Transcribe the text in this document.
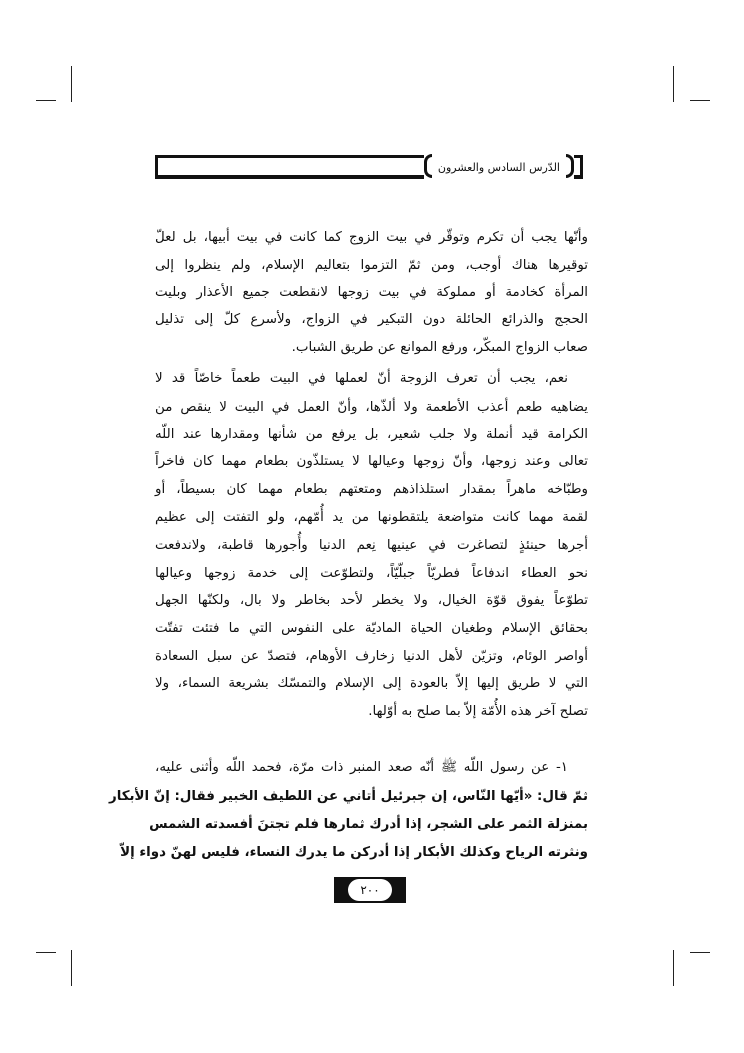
الدّرس السادس والعشرون
وأنّها يجب أن تكرم وتوقّر في بيت الزوج كما كانت في بيت أبيها، بل لعلّ
توقيرها هناك أوجب، ومن ثمّ التزموا بتعاليم الإسلام، ولم ينظروا إلى
المرأة كخادمة أو مملوكة في بيت زوجها لانقطعت جميع الأعذار وبليت
الحجج والذرائع الحائلة دون التبكير في الزواج، ولأسرع كلّ إلى تذليل
صعاب الزواج المبكّر، ورفع الموانع عن طريق الشباب.
نعم، يجب أن تعرف الزوجة أنّ لعملها في البيت طعماً خاصّاً قد لا
يضاهيه طعم أعذب الأطعمة ولا ألذّها، وأنّ العمل في البيت لا ينقص من
الكرامة قيد أنملة ولا جلب شعير، بل يرفع من شأنها ومقدارها عند اللّه
تعالى وعند زوجها، وأنّ زوجها وعيالها لا يستلذّون بطعام مهما كان فاخراً
وطبّاخه ماهراً بمقدار استلذاذهم ومتعتهم بطعام مهما كان بسيطاً، أو
لقمة مهما كانت متواضعة يلتقطونها من يد أُمّهم، ولو التفتت إلى عظيم
أجرها حينئذٍ لتصاغرت في عينيها نِعم الدنيا وأُجورها قاطبة، ولاندفعت
نحو العطاء اندفاعاً فطريّاً جبلّيّاً، ولتطوّعت إلى خدمة زوجها وعيالها
تطوّعاً يفوق قوّة الخيال، ولا يخطر لأحد بخاطر ولا بال، ولكنّها الجهل
بحقائق الإسلام وطغيان الحياة الماديّة على النفوس التي ما فتئت تفتّت
أواصر الوئام، وتزيّن لأهل الدنيا زخارف الأوهام، فتصدّ عن سبل السعادة
التي لا طريق إليها إلاّ بالعودة إلى الإسلام والتمسّك بشريعة السماء، ولا
تصلح آخر هذه الأُمّة إلاّ بما صلح به أوّلها.
١- عن رسول اللّه ﷺ أنّه صعد المنبر ذات مرّة، فحمد اللّه وأثنى عليه،
ثمّ قال: «أيّها النّاس، إن جبرئيل أتاني عن اللطيف الخبير فقال: إنّ الأبكار
بمنزلة الثمر على الشجر، إذا أدرك ثمارها فلم تجتنَ أفسدته الشمس
ونثرته الرياح وكذلك الأبكار إذا أدركن ما يدرك النساء، فليس لهنّ دواء إلاّ
٢٠٠
